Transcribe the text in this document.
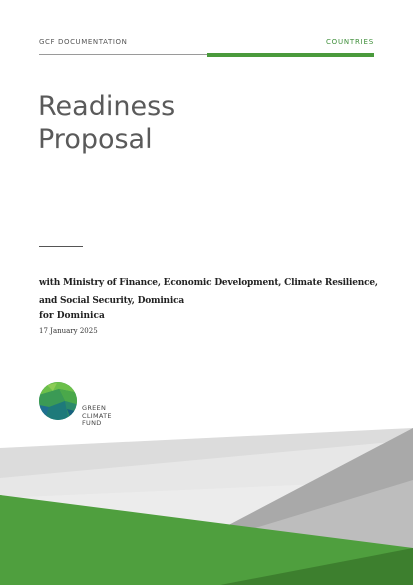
GCF DOCUMENTATION	COUNTRIES
Readiness
Proposal
with Ministry of Finance, Economic Development, Climate Resilience, and Social Security, Dominica
for Dominica
17 January 2025
GREEN
CLIMATE
FUND
